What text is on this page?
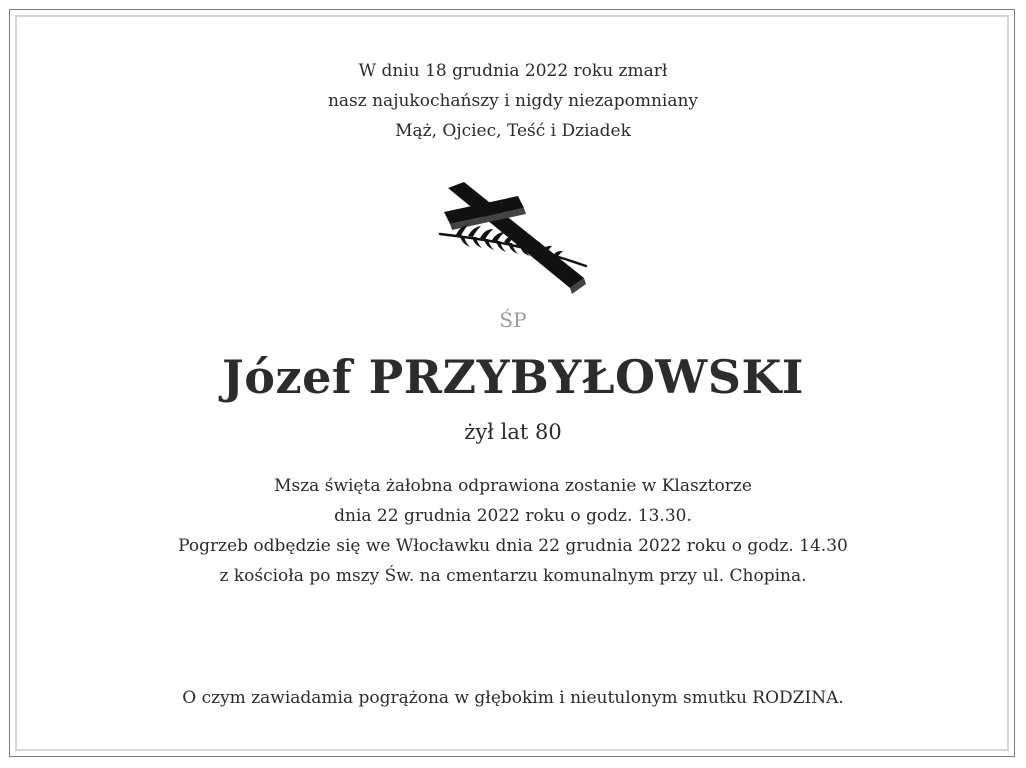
W dniu 18 grudnia 2022 roku zmarł
nasz najukochańszy i nigdy niezapomniany
Mąż, Ojciec, Teść i Dziadek
ŚP
Józef PRZYBYŁOWSKI
żył lat 80
Msza święta żałobna odprawiona zostanie w Klasztorze
dnia 22 grudnia 2022 roku o godz. 13.30.
Pogrzeb odbędzie się we Włocławku dnia 22 grudnia 2022 roku o godz. 14.30
z kościoła po mszy Św. na cmentarzu komunalnym przy ul. Chopina.
O czym zawiadamia pogrążona w głębokim i nieutulonym smutku RODZINA.
